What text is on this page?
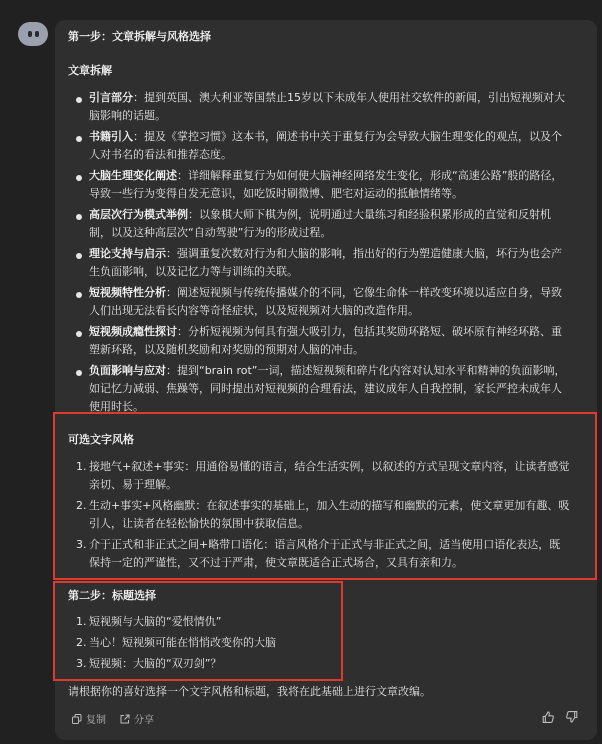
第一步：文章拆解与风格选择
文章拆解
引言部分：提到英国、澳大利亚等国禁止15岁以下未成年人使用社交软件的新闻，引出短视频对大
脑影响的话题。
书籍引入：提及《掌控习惯》这本书，阐述书中关于重复行为会导致大脑生理变化的观点，以及个
人对书名的看法和推荐态度。
大脑生理变化阐述：详细解释重复行为如何使大脑神经网络发生变化，形成“高速公路”般的路径，
导致一些行为变得自发无意识，如吃饭时刷微博、肥宅对运动的抵触情绪等。
高层次行为模式举例：以象棋大师下棋为例，说明通过大量练习和经验积累形成的直觉和反射机
制，以及这种高层次“自动驾驶”行为的形成过程。
理论支持与启示：强调重复次数对行为和大脑的影响，指出好的行为塑造健康大脑，坏行为也会产
生负面影响，以及记忆力等与训练的关联。
短视频特性分析：阐述短视频与传统传播媒介的不同，它像生命体一样改变环境以适应自身，导致
人们出现无法看长内容等奇怪症状，以及短视频对大脑的改造作用。
短视频成瘾性探讨：分析短视频为何具有强大吸引力，包括其奖励环路短、破坏原有神经环路、重
塑新环路，以及随机奖励和对奖励的预期对人脑的冲击。
负面影响与应对：提到“brain rot”一词，描述短视频和碎片化内容对认知水平和精神的负面影响，
如记忆力减弱、焦躁等，同时提出对短视频的合理看法，建议成年人自我控制，家长严控未成年人
使用时长。
可选文字风格
1. 接地气+叙述+事实：用通俗易懂的语言，结合生活实例，以叙述的方式呈现文章内容，让读者感觉
亲切、易于理解。
2. 生动+事实+风格幽默：在叙述事实的基础上，加入生动的描写和幽默的元素，使文章更加有趣、吸
引人，让读者在轻松愉快的氛围中获取信息。
3. 介于正式和非正式之间+略带口语化：语言风格介于正式与非正式之间，适当使用口语化表达，既
保持一定的严谨性，又不过于严肃，使文章既适合正式场合，又具有亲和力。
第二步：标题选择
1. 短视频与大脑的“爱恨情仇”
2. 当心！短视频可能在悄悄改变你的大脑
3. 短视频：大脑的“双刃剑”？
请根据你的喜好选择一个文字风格和标题，我将在此基础上进行文章改编。
复制	分享
